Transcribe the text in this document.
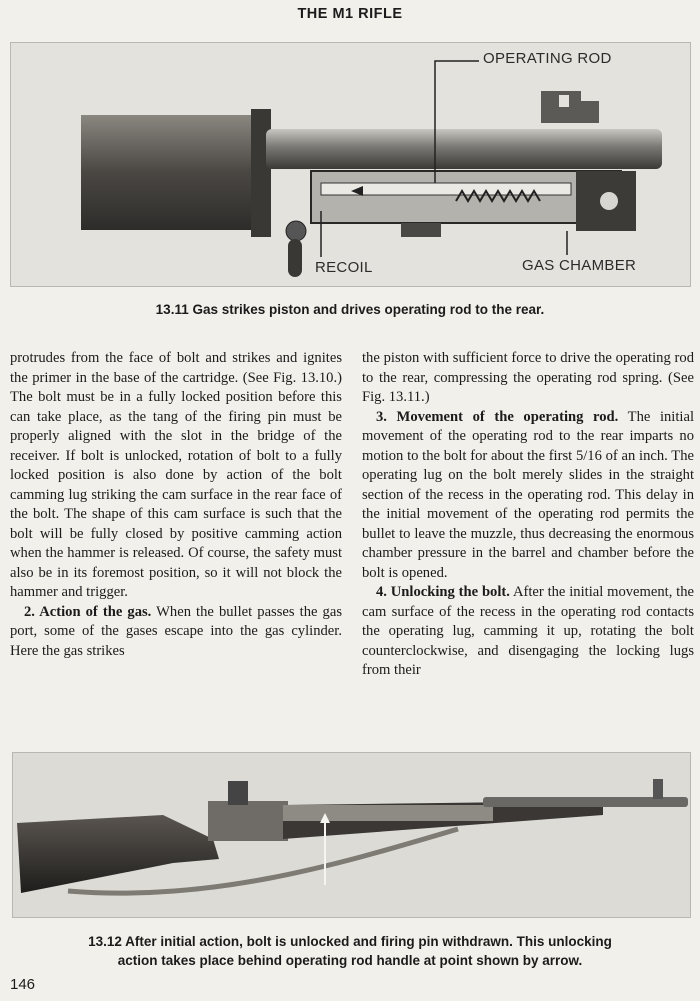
THE M1 RIFLE
OPERATING ROD
RECOIL	GAS CHAMBER
13.11 Gas strikes piston and drives operating rod to the rear.

protrudes from the face of bolt and strikes and ignites the primer in the base of the cartridge. (See Fig. 13.10.) The bolt must be in a fully locked position before this can take place, as the tang of the firing pin must be properly aligned with the slot in the bridge of the receiver. If bolt is unlocked, rotation of bolt to a fully locked position is also done by action of the bolt camming lug striking the cam surface in the rear face of the bolt. The shape of this cam surface is such that the bolt will be fully closed by positive camming action when the hammer is released. Of course, the safety must also be in its foremost position, so it will not block the hammer and trigger.

2. Action of the gas. When the bullet passes the gas port, some of the gases escape into the gas cylinder. Here the gas strikes

the piston with sufficient force to drive the operating rod to the rear, compressing the operating rod spring. (See Fig. 13.11.)

3. Movement of the operating rod. The initial movement of the operating rod to the rear imparts no motion to the bolt for about the first 5/16 of an inch. The operating lug on the bolt merely slides in the straight section of the recess in the operating rod. This delay in the initial movement of the operating rod permits the bullet to leave the muzzle, thus decreasing the enormous chamber pressure in the barrel and chamber before the bolt is opened.

4. Unlocking the bolt. After the initial movement, the cam surface of the recess in the operating rod contacts the operating lug, camming it up, rotating the bolt counterclockwise, and disengaging the locking lugs from their

13.12 After initial action, bolt is unlocked and firing pin withdrawn. This unlocking
action takes place behind operating rod handle at point shown by arrow.
146
